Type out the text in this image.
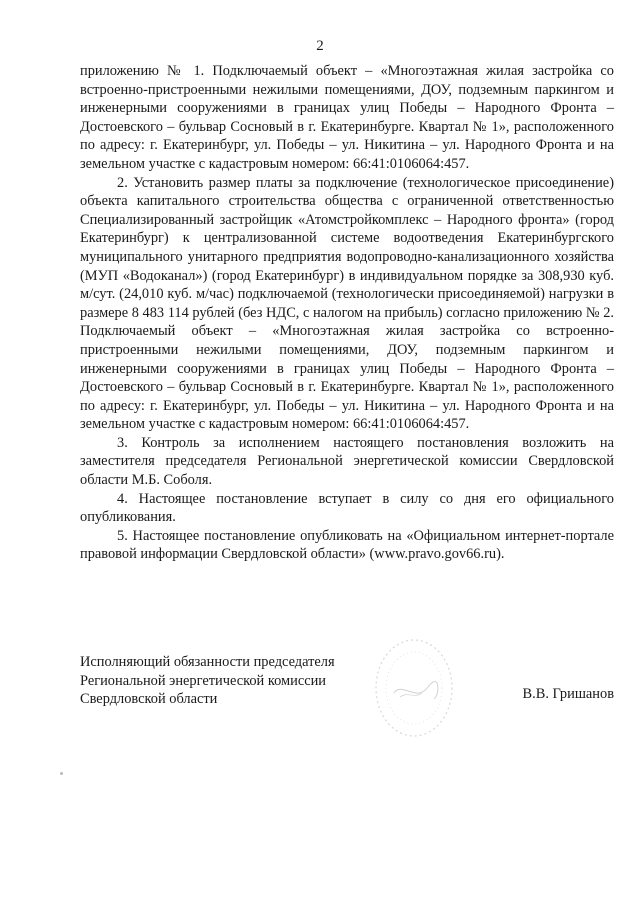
2

приложению № 1. Подключаемый объект – «Многоэтажная жилая застройка со встроенно-пристроенными нежилыми помещениями, ДОУ, подземным паркингом и инженерными сооружениями в границах улиц Победы – Народного Фронта – Достоевского – бульвар Сосновый в г. Екатеринбурге. Квартал № 1», расположенного по адресу: г. Екатеринбург, ул. Победы – ул. Никитина – ул. Народного Фронта и на земельном участке с кадастровым номером: 66:41:0106064:457.

2. Установить размер платы за подключение (технологическое присоединение) объекта капитального строительства общества с ограниченной ответственностью Специализированный застройщик «Атомстройкомплекс – Народного фронта» (город Екатеринбург) к централизованной системе водоотведения Екатеринбургского муниципального унитарного предприятия водопроводно-канализационного хозяйства (МУП «Водоканал») (город Екатеринбург) в индивидуальном порядке за 308,930 куб. м/сут. (24,010 куб. м/час) подключаемой (технологически присоединяемой) нагрузки в размере 8 483 114 рублей (без НДС, с налогом на прибыль) согласно приложению № 2. Подключаемый объект – «Многоэтажная жилая застройка со встроенно-пристроенными нежилыми помещениями, ДОУ, подземным паркингом и инженерными сооружениями в границах улиц Победы – Народного Фронта – Достоевского – бульвар Сосновый в г. Екатеринбурге. Квартал № 1», расположенного по адресу: г. Екатеринбург, ул. Победы – ул. Никитина – ул. Народного Фронта и на земельном участке с кадастровым номером: 66:41:0106064:457.

3. Контроль за исполнением настоящего постановления возложить на заместителя председателя Региональной энергетической комиссии Свердловской области М.Б. Соболя.

4. Настоящее постановление вступает в силу со дня его официального опубликования.

5. Настоящее постановление опубликовать на «Официальном интернет-портале правовой информации Свердловской области» (www.pravo.gov66.ru).

Исполняющий обязанности председателя
Региональной энергетической комиссии
Свердловской области	В.В. Гришанов
